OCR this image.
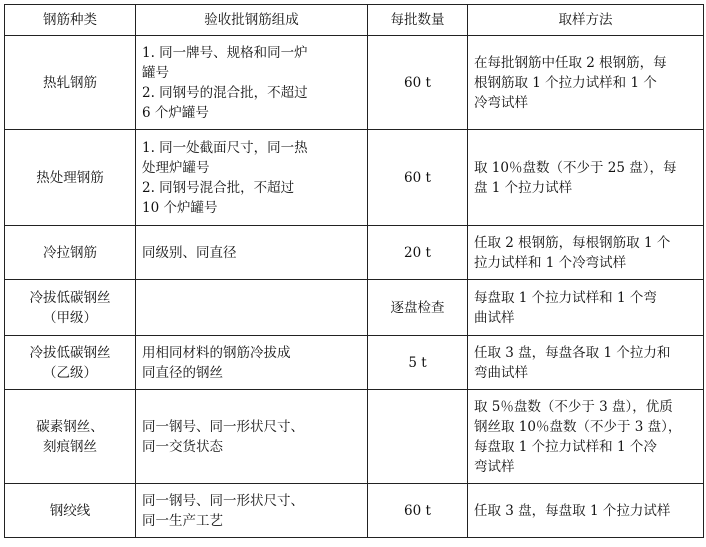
钢筋种类	验收批钢筋组成	每批数量	取样方法

热轧钢筋	1. 同一牌号、规格和同一炉
罐号
2. 同钢号的混合批，不超过
6 个炉罐号	60 t	在每批钢筋中任取 2 根钢筋，每
根钢筋取 1 个拉力试样和 1 个
冷弯试样

热处理钢筋	1. 同一处截面尺寸，同一热
处理炉罐号
2. 同钢号混合批，不超过
10 个炉罐号	60 t	取 10％盘数（不少于 25 盘），每
盘 1 个拉力试样

冷拉钢筋	同级别、同直径	20 t	任取 2 根钢筋，每根钢筋取 1 个
拉力试样和 1 个冷弯试样

冷拔低碳钢丝
（甲级）		逐盘检查	每盘取 1 个拉力试样和 1 个弯
曲试样

冷拔低碳钢丝
（乙级）	用相同材料的钢筋冷拔成
同直径的钢丝	5 t	任取 3 盘，每盘各取 1 个拉力和
弯曲试样

碳素钢丝、
刻痕钢丝	同一钢号、同一形状尺寸、
同一交货状态		取 5％盘数（不少于 3 盘），优质
钢丝取 10％盘数（不少于 3 盘），
每盘取 1 个拉力试样和 1 个冷
弯试样

钢绞线	同一钢号、同一形状尺寸、
同一生产工艺	60 t	任取 3 盘，每盘取 1 个拉力试样
